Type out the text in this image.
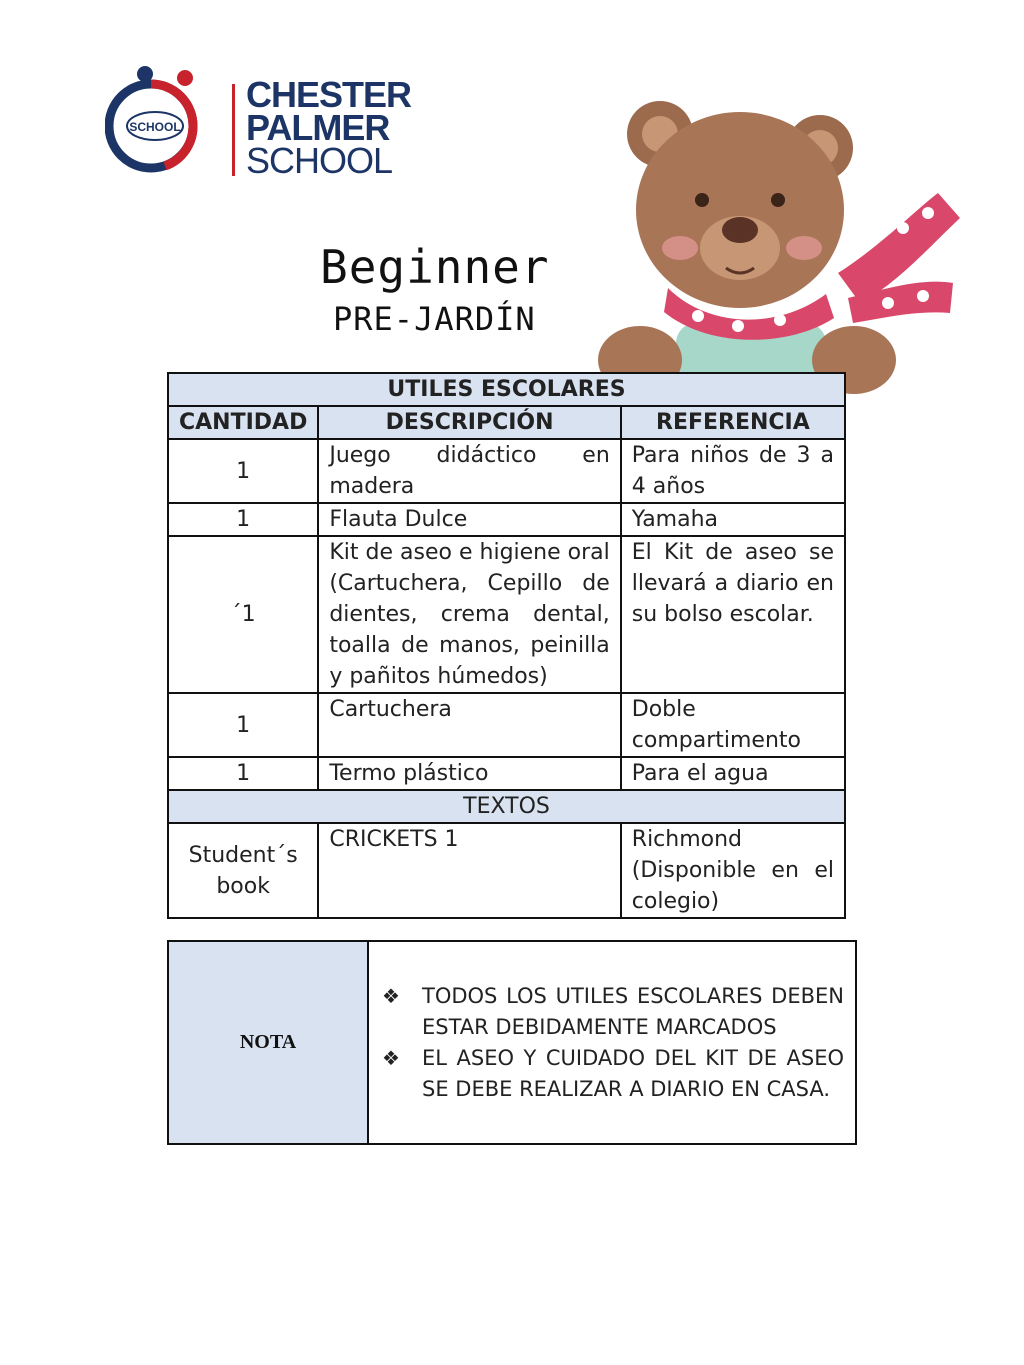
SCHOOL
CHESTER
PALMER
SCHOOL
Beginner
PRE-JARDÍN
UTILES ESCOLARES		
CANTIDAD	DESCRIPCIÓN	REFERENCIA
1	Juego didáctico en madera	Para niños de 3 a 4 años
1	Flauta Dulce	Yamaha
´1	Kit de aseo e higiene oral (Cartuchera, Cepillo de dientes, crema dental, toalla de manos, peinilla y pañitos húmedos)	El Kit de aseo se llevará a diario en su bolso escolar.
1	Cartuchera	Doble compartimento
1	Termo plástico	Para el agua
TEXTOS		
Student´s book	CRICKETS 1	Richmond (Disponible en el colegio)
NOTA	
❖ TODOS LOS UTILES ESCOLARES DEBEN ESTAR DEBIDAMENTE MARCADOS
❖ EL ASEO Y CUIDADO DEL KIT DE ASEO SE DEBE REALIZAR A DIARIO EN CASA.
